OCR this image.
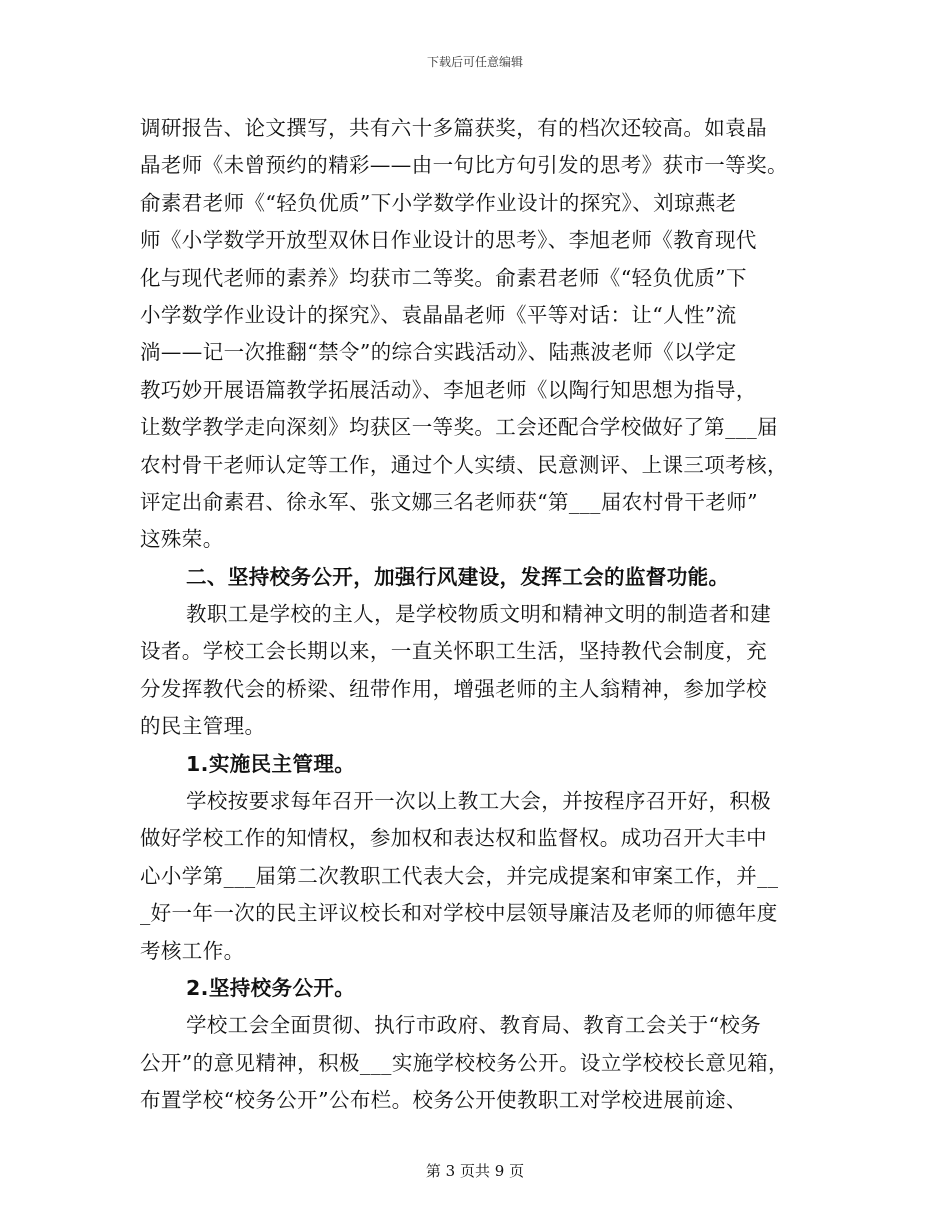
下载后可任意编辑
调研报告、论文撰写，共有六十多篇获奖，有的档次还较高。如袁晶
晶老师《未曾预约的精彩——由一句比方句引发的思考》获市一等奖。
俞素君老师《“轻负优质”下小学数学作业设计的探究》、刘琼燕老
师《小学数学开放型双休日作业设计的思考》、李旭老师《教育现代
化与现代老师的素养》均获市二等奖。俞素君老师《“轻负优质”下
小学数学作业设计的探究》、袁晶晶老师《平等对话：让“人性”流
淌——记一次推翻“禁令”的综合实践活动》、陆燕波老师《以学定
教巧妙开展语篇教学拓展活动》、李旭老师《以陶行知思想为指导，
让数学教学走向深刻》均获区一等奖。工会还配合学校做好了第___届
农村骨干老师认定等工作，通过个人实绩、民意测评、上课三项考核，
评定出俞素君、徐永军、张文娜三名老师获“第___届农村骨干老师”
这殊荣。
二、坚持校务公开，加强行风建设，发挥工会的监督功能。
教职工是学校的主人，是学校物质文明和精神文明的制造者和建
设者。学校工会长期以来，一直关怀职工生活，坚持教代会制度，充
分发挥教代会的桥梁、纽带作用，增强老师的主人翁精神，参加学校
的民主管理。
1.实施民主管理。
学校按要求每年召开一次以上教工大会，并按程序召开好，积极
做好学校工作的知情权，参加权和表达权和监督权。成功召开大丰中
心小学第___届第二次教职工代表大会，并完成提案和审案工作，并__
_好一年一次的民主评议校长和对学校中层领导廉洁及老师的师德年度
考核工作。
2.坚持校务公开。
学校工会全面贯彻、执行市政府、教育局、教育工会关于“校务
公开”的意见精神，积极___实施学校校务公开。设立学校校长意见箱，
布置学校“校务公开”公布栏。校务公开使教职工对学校进展前途、
第 3 页共 9 页
